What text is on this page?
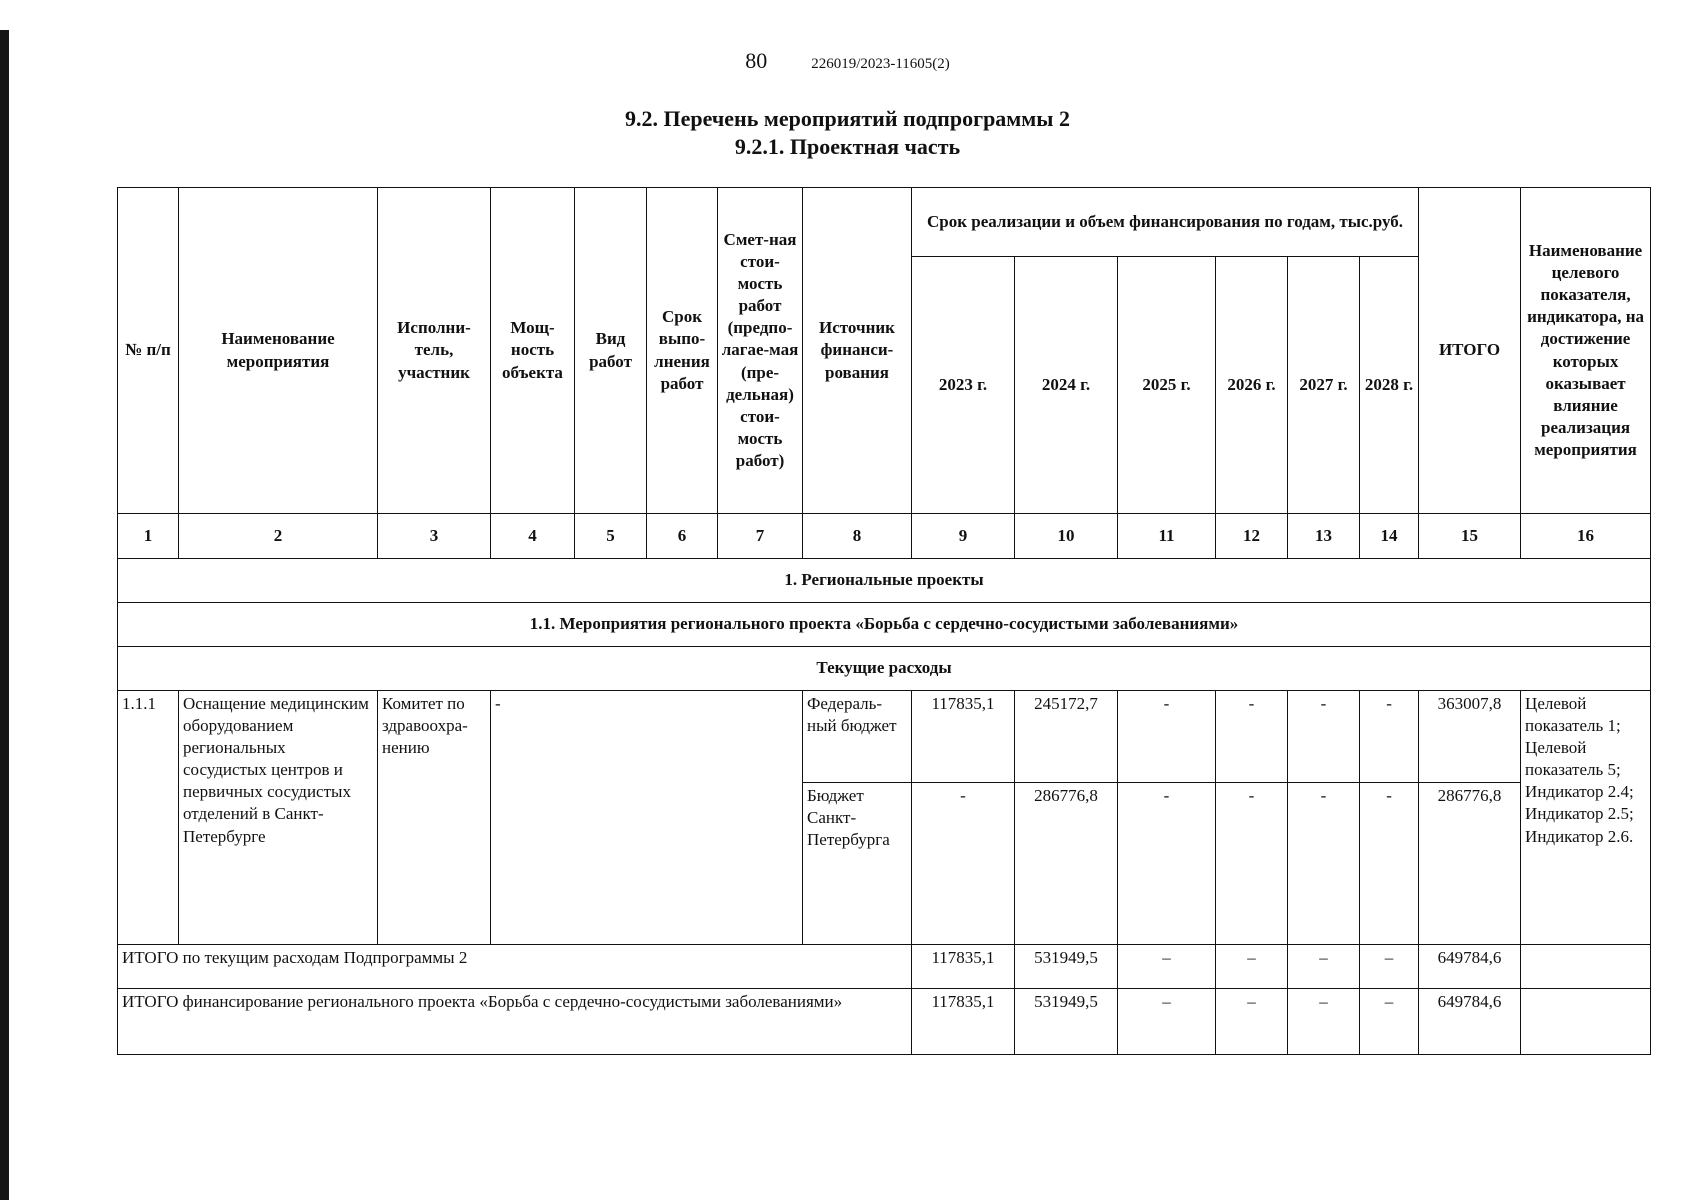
80	226019/2023-11605(2)
9.2. Перечень мероприятий подпрограммы 2
9.2.1. Проектная часть
№ п/п	Наименование мероприятия	Исполни-тель, участник	Мощ-ность объекта	Вид работ	Срок выпо-лнения работ	Смет-ная стои-мость работ (предпо-лагае-мая (пре-дельная) стои-мость работ)	Источник финанси-рования	Срок реализации и объем финансирования по годам, тыс.руб.						ИТОГО	Наименование целевого показателя, индикатора, на достижение которых оказывает влияние реализация мероприятия
								2023 г.	2024 г.	2025 г.	2026 г.	2027 г.	2028 г.		
1	2	3	4	5	6	7	8	9	10	11	12	13	14	15	16
1. Региональные проекты															
1.1. Мероприятия регионального проекта «Борьба с сердечно-сосудистыми заболеваниями»															
Текущие расходы															
1.1.1	Оснащение медицинским оборудованием региональных сосудистых центров и первичных сосудистых отделений в Санкт-Петербурге	Комитет по здравоохра-нению	-				Федераль-ный бюджет	117835,1	245172,7	-	-	-	-	363007,8	Целевой показатель 1; Целевой показатель 5; Индикатор 2.4; Индикатор 2.5; Индикатор 2.6.
							Бюджет Санкт-Петербурга	-	286776,8	-	-	-	-	286776,8	
ИТОГО по текущим расходам Подпрограммы 2								117835,1	531949,5	–	–	–	–	649784,6	
ИТОГО финансирование регионального проекта «Борьба с сердечно-сосудистыми заболеваниями»								117835,1	531949,5	–	–	–	–	649784,6	
